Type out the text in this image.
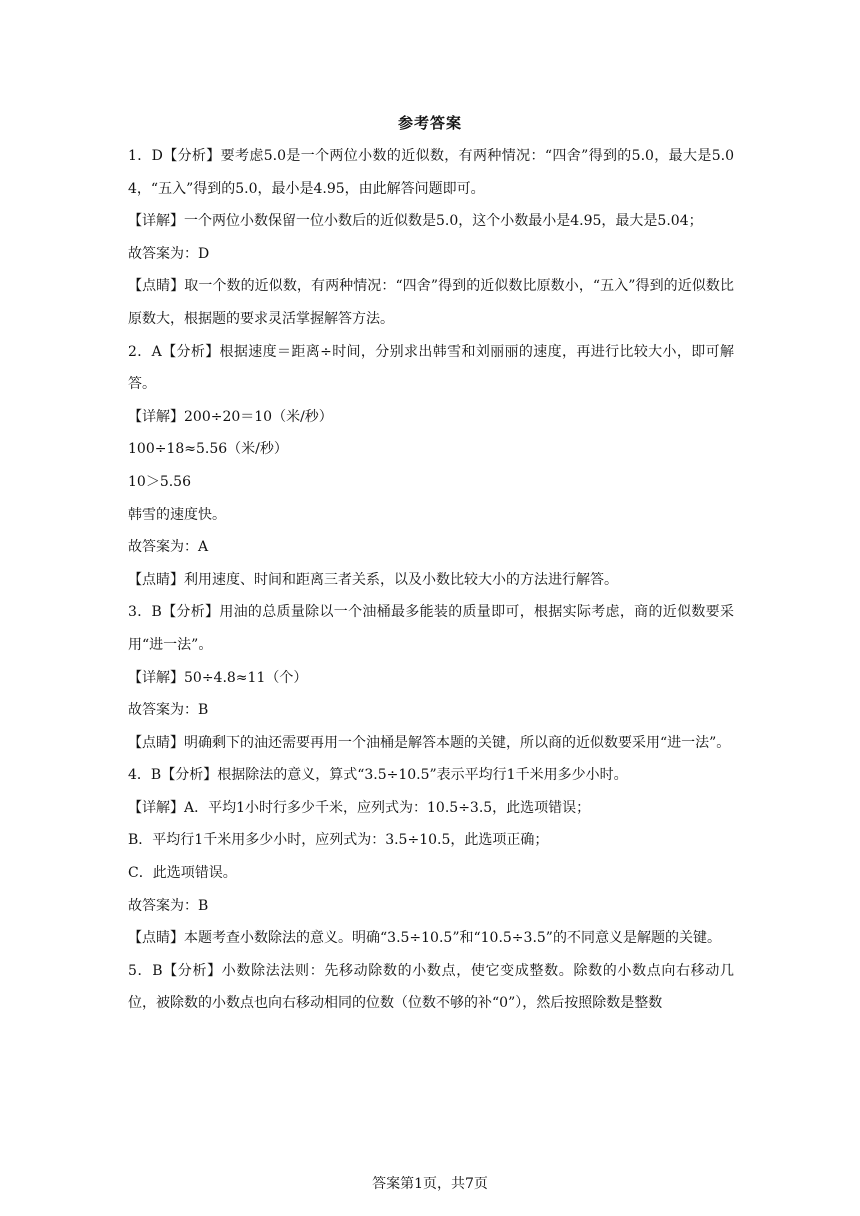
参考答案

1．D【分析】要考虑5.0是一个两位小数的近似数，有两种情况：“四舍”得到的5.0，最大是5.04，“五入”得到的5.0，最小是4.95，由此解答问题即可。

【详解】一个两位小数保留一位小数后的近似数是5.0，这个小数最小是4.95，最大是5.04；

故答案为：D

【点睛】取一个数的近似数，有两种情况：“四舍”得到的近似数比原数小，“五入”得到的近似数比原数大，根据题的要求灵活掌握解答方法。

2．A【分析】根据速度＝距离÷时间，分别求出韩雪和刘丽丽的速度，再进行比较大小，即可解答。

【详解】200÷20＝10（米/秒）

100÷18≈5.56（米/秒）

10＞5.56

韩雪的速度快。

故答案为：A

【点睛】利用速度、时间和距离三者关系，以及小数比较大小的方法进行解答。

3．B【分析】用油的总质量除以一个油桶最多能装的质量即可，根据实际考虑，商的近似数要采用“进一法”。

【详解】50÷4.8≈11（个）

故答案为：B

【点睛】明确剩下的油还需要再用一个油桶是解答本题的关键，所以商的近似数要采用“进一法”。

4．B【分析】根据除法的意义，算式“3.5÷10.5”表示平均行1千米用多少小时。

【详解】A．平均1小时行多少千米，应列式为：10.5÷3.5，此选项错误；

B．平均行1千米用多少小时，应列式为：3.5÷10.5，此选项正确；

C．此选项错误。

故答案为：B

【点睛】本题考查小数除法的意义。明确“3.5÷10.5”和“10.5÷3.5”的不同意义是解题的关键。

5．B【分析】小数除法法则：先移动除数的小数点，使它变成整数。除数的小数点向右移动几位，被除数的小数点也向右移动相同的位数（位数不够的补“0”），然后按照除数是整数

答案第1页，共7页
